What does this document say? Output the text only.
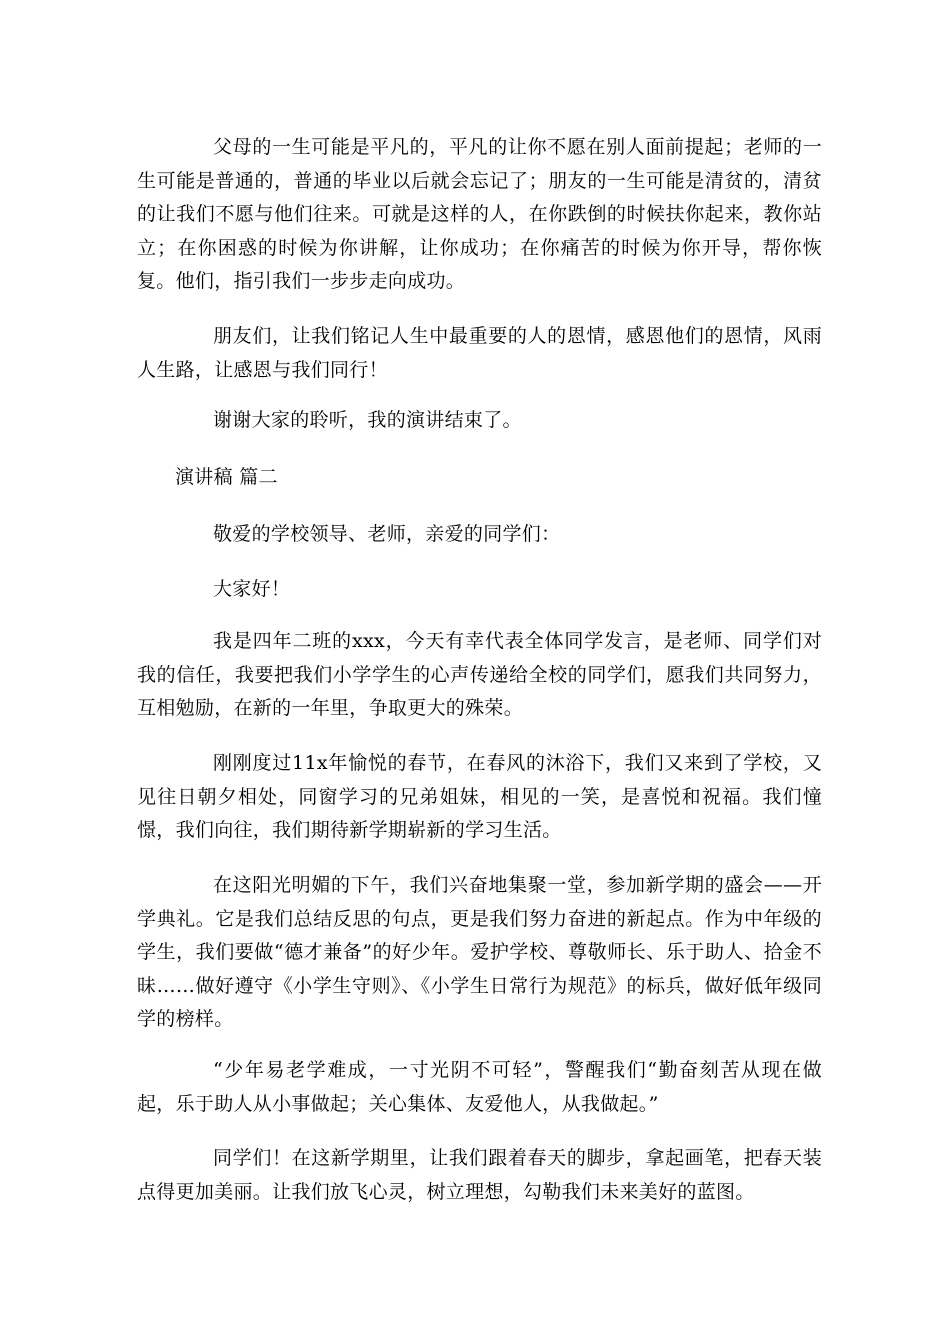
父母的一生可能是平凡的，平凡的让你不愿在别人面前提起；老师的一生可能是普通的，普通的毕业以后就会忘记了；朋友的一生可能是清贫的，清贫的让我们不愿与他们往来。可就是这样的人，在你跌倒的时候扶你起来，教你站立；在你困惑的时候为你讲解，让你成功；在你痛苦的时候为你开导，帮你恢复。他们，指引我们一步步走向成功。

朋友们，让我们铭记人生中最重要的人的恩情，感恩他们的恩情，风雨人生路，让感恩与我们同行！

谢谢大家的聆听，我的演讲结束了。

演讲稿 篇二

敬爱的学校领导、老师，亲爱的同学们：

大家好！

我是四年二班的xxx，今天有幸代表全体同学发言，是老师、同学们对我的信任，我要把我们小学学生的心声传递给全校的同学们，愿我们共同努力，互相勉励，在新的一年里，争取更大的殊荣。

刚刚度过11x年愉悦的春节，在春风的沐浴下，我们又来到了学校，又见往日朝夕相处，同窗学习的兄弟姐妹，相见的一笑，是喜悦和祝福。我们憧憬，我们向往，我们期待新学期崭新的学习生活。

在这阳光明媚的下午，我们兴奋地集聚一堂，参加新学期的盛会——开学典礼。它是我们总结反思的句点，更是我们努力奋进的新起点。作为中年级的学生，我们要做“德才兼备”的好少年。爱护学校、尊敬师长、乐于助人、拾金不昧……做好遵守《小学生守则》、《小学生日常行为规范》的标兵，做好低年级同学的榜样。

“少年易老学难成，一寸光阴不可轻”，警醒我们“勤奋刻苦从现在做起，乐于助人从小事做起；关心集体、友爱他人，从我做起。”

同学们！在这新学期里，让我们跟着春天的脚步，拿起画笔，把春天装点得更加美丽。让我们放飞心灵，树立理想，勾勒我们未来美好的蓝图。
